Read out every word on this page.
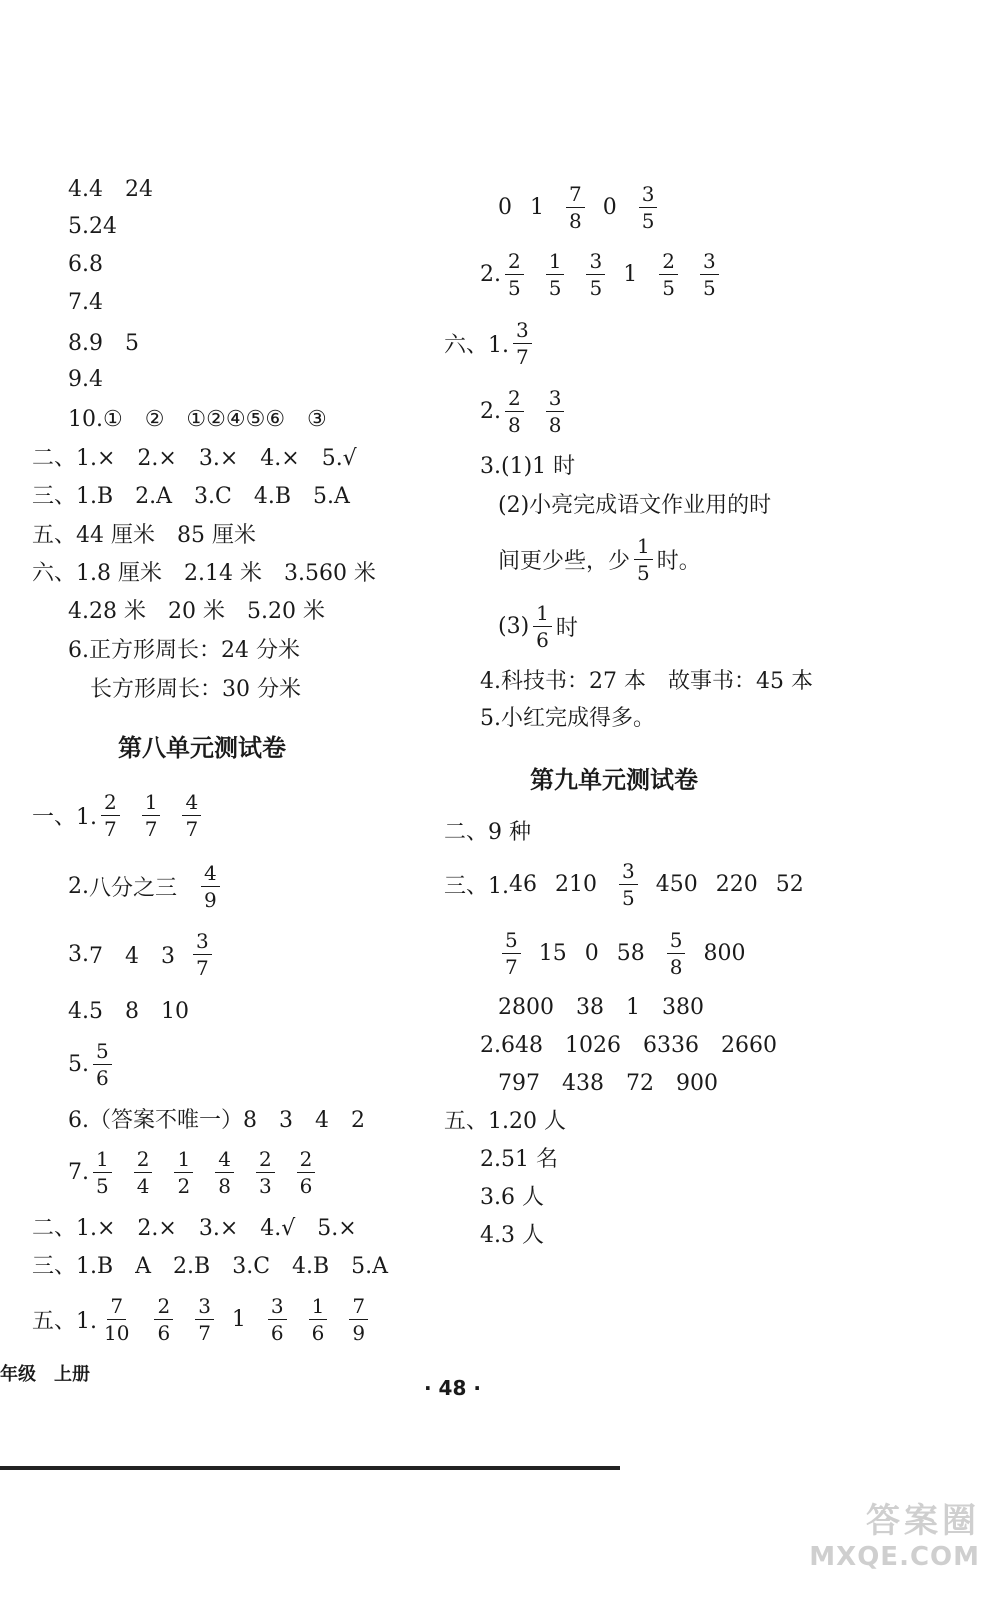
4.4　24
5.24
6.8
7.4
8.9　5
9.4
10.①　②　①②④⑤⑥　③
二、1.×　2.×　3.×　4.×　5.√
三、1.B　2.A　3.C　4.B　5.A
五、44 厘米　85 厘米
六、1.8 厘米　2.14 米　3.560 米
4.28 米　20 米　5.20 米
6.正方形周长：24 分米
长方形周长：30 分米
第八单元测试卷
一、1. $\frac{2}{7} \frac{1}{7} \frac{4}{7}$
2. 八分之三 $\frac{4}{9}$
3. 7　4　$3 \frac{3}{7}$
4.5　8　10
5. $\frac{5}{6}$
6.（答案不唯一）8　3　4　2
7. $\frac{1}{5} \frac{2}{4} \frac{1}{2} \frac{4}{8} \frac{2}{3} \frac{2}{6}$
二、1.×　2.×　3.×　4.√　5.×
三、1.B　A　2.B　3.C　4.B　5.A
五、1. $\frac{7}{10} \frac{2}{6} \frac{3}{7} 1 \frac{3}{6} \frac{1}{6} \frac{7}{9}$
0 $1 \frac{7}{8} 0 \frac{3}{5}$
2. $\frac{2}{5} \frac{1}{5} \frac{3}{5} 1 \frac{2}{5} \frac{3}{5}$
六、1. $\frac{3}{7}$
2. $\frac{2}{8} \frac{3}{8}$
3.(1)1 时
(2)小亮完成语文作业用的时
间更少些，少 $\frac{1}{5}$ 时。
$(3) \frac{1}{6}$ 时
4.科技书：27 本　故事书：45 本
5.小红完成得多。
第九单元测试卷
二、9 种
三、1. 46 $210 \frac{3}{5} 450$ 220 52
$\frac{5}{7} 15$ 0 $58 \frac{5}{8} 800$
2800　38　1　380
2.648　1026　6336　2660
797　438　72　900
五、1.20 人
2.51 名
3.6 人
4.3 人
年级　上册
· 48 ·
答案圈
MXQE.COM
